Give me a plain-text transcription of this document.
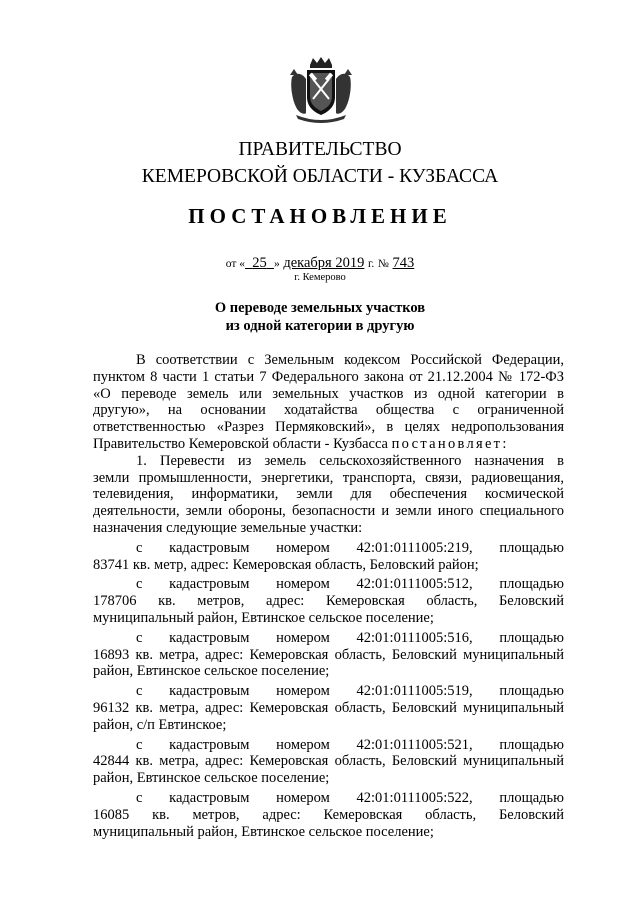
ПРАВИТЕЛЬСТВО
КЕМЕРОВСКОЙ ОБЛАСТИ - КУЗБАССА
ПОСТАНОВЛЕНИЕ
от « 25 » декабря 2019 г. № 743
г. Кемерово
О переводе земельных участков
из одной категории в другую

В соответствии с Земельным кодексом Российской Федерации,

пунктом 8 части 1 статьи 7 Федерального закона от 21.12.2004 № 172-ФЗ

«О переводе земель или земельных участков из одной категории в

другую», на основании ходатайства общества с ограниченной

ответственностью «Разрез Пермяковский», в целях недропользования

Правительство Кемеровской области - Кузбасса постановляет:

1. Перевести из земель сельскохозяйственного назначения в

земли промышленности, энергетики, транспорта, связи, радиовещания,

телевидения, информатики, земли для обеспечения космической

деятельности, земли обороны, безопасности и земли иного специального

назначения следующие земельные участки:

с кадастровым номером 42:01:0111005:219, площадью

83741 кв. метр, адрес: Кемеровская область, Беловский район;

с кадастровым номером 42:01:0111005:512, площадью

178706 кв. метров, адрес: Кемеровская область, Беловский

муниципальный район, Евтинское сельское поселение;

с кадастровым номером 42:01:0111005:516, площадью

16893 кв. метра, адрес: Кемеровская область, Беловский муниципальный

район, Евтинское сельское поселение;

с кадастровым номером 42:01:0111005:519, площадью

96132 кв. метра, адрес: Кемеровская область, Беловский муниципальный

район, с/п Евтинское;

с кадастровым номером 42:01:0111005:521, площадью

42844 кв. метра, адрес: Кемеровская область, Беловский муниципальный

район, Евтинское сельское поселение;

с кадастровым номером 42:01:0111005:522, площадью

16085 кв. метров, адрес: Кемеровская область, Беловский

муниципальный район, Евтинское сельское поселение;
